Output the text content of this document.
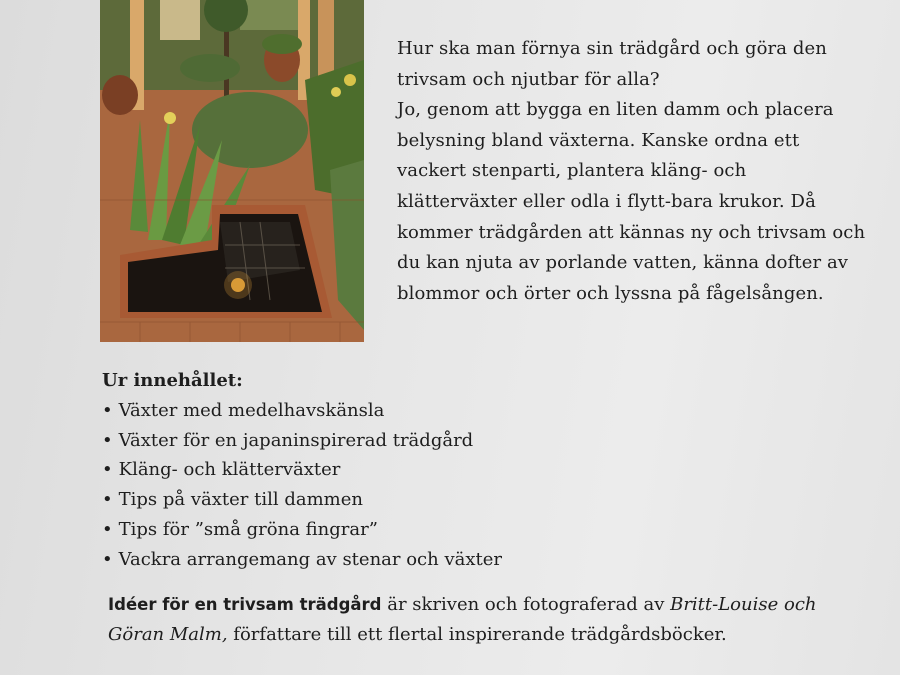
Hur ska man förnya sin trädgård och göra den trivsam och njutbar för alla?

Jo, genom att bygga en liten damm och placera belysning bland växterna. Kanske ordna ett vackert stenparti, plantera kläng- och klätterväxter eller odla i flytt-bara krukor. Då kommer trädgården att kännas ny och trivsam och du kan njuta av porlande vatten, känna dofter av blommor och örter och lyssna på fågelsången.

Ur innehållet:
• Växter med medelhavskänsla
• Växter för en japaninspirerad trädgård
• Kläng- och klätterväxter
• Tips på växter till dammen
• Tips för ”små gröna fingrar”
• Vackra arrangemang av stenar och växter
Idéer för en trivsam trädgård är skriven och fotograferad av Britt-Louise och Göran Malm, författare till ett flertal inspirerande trädgårdsböcker.
